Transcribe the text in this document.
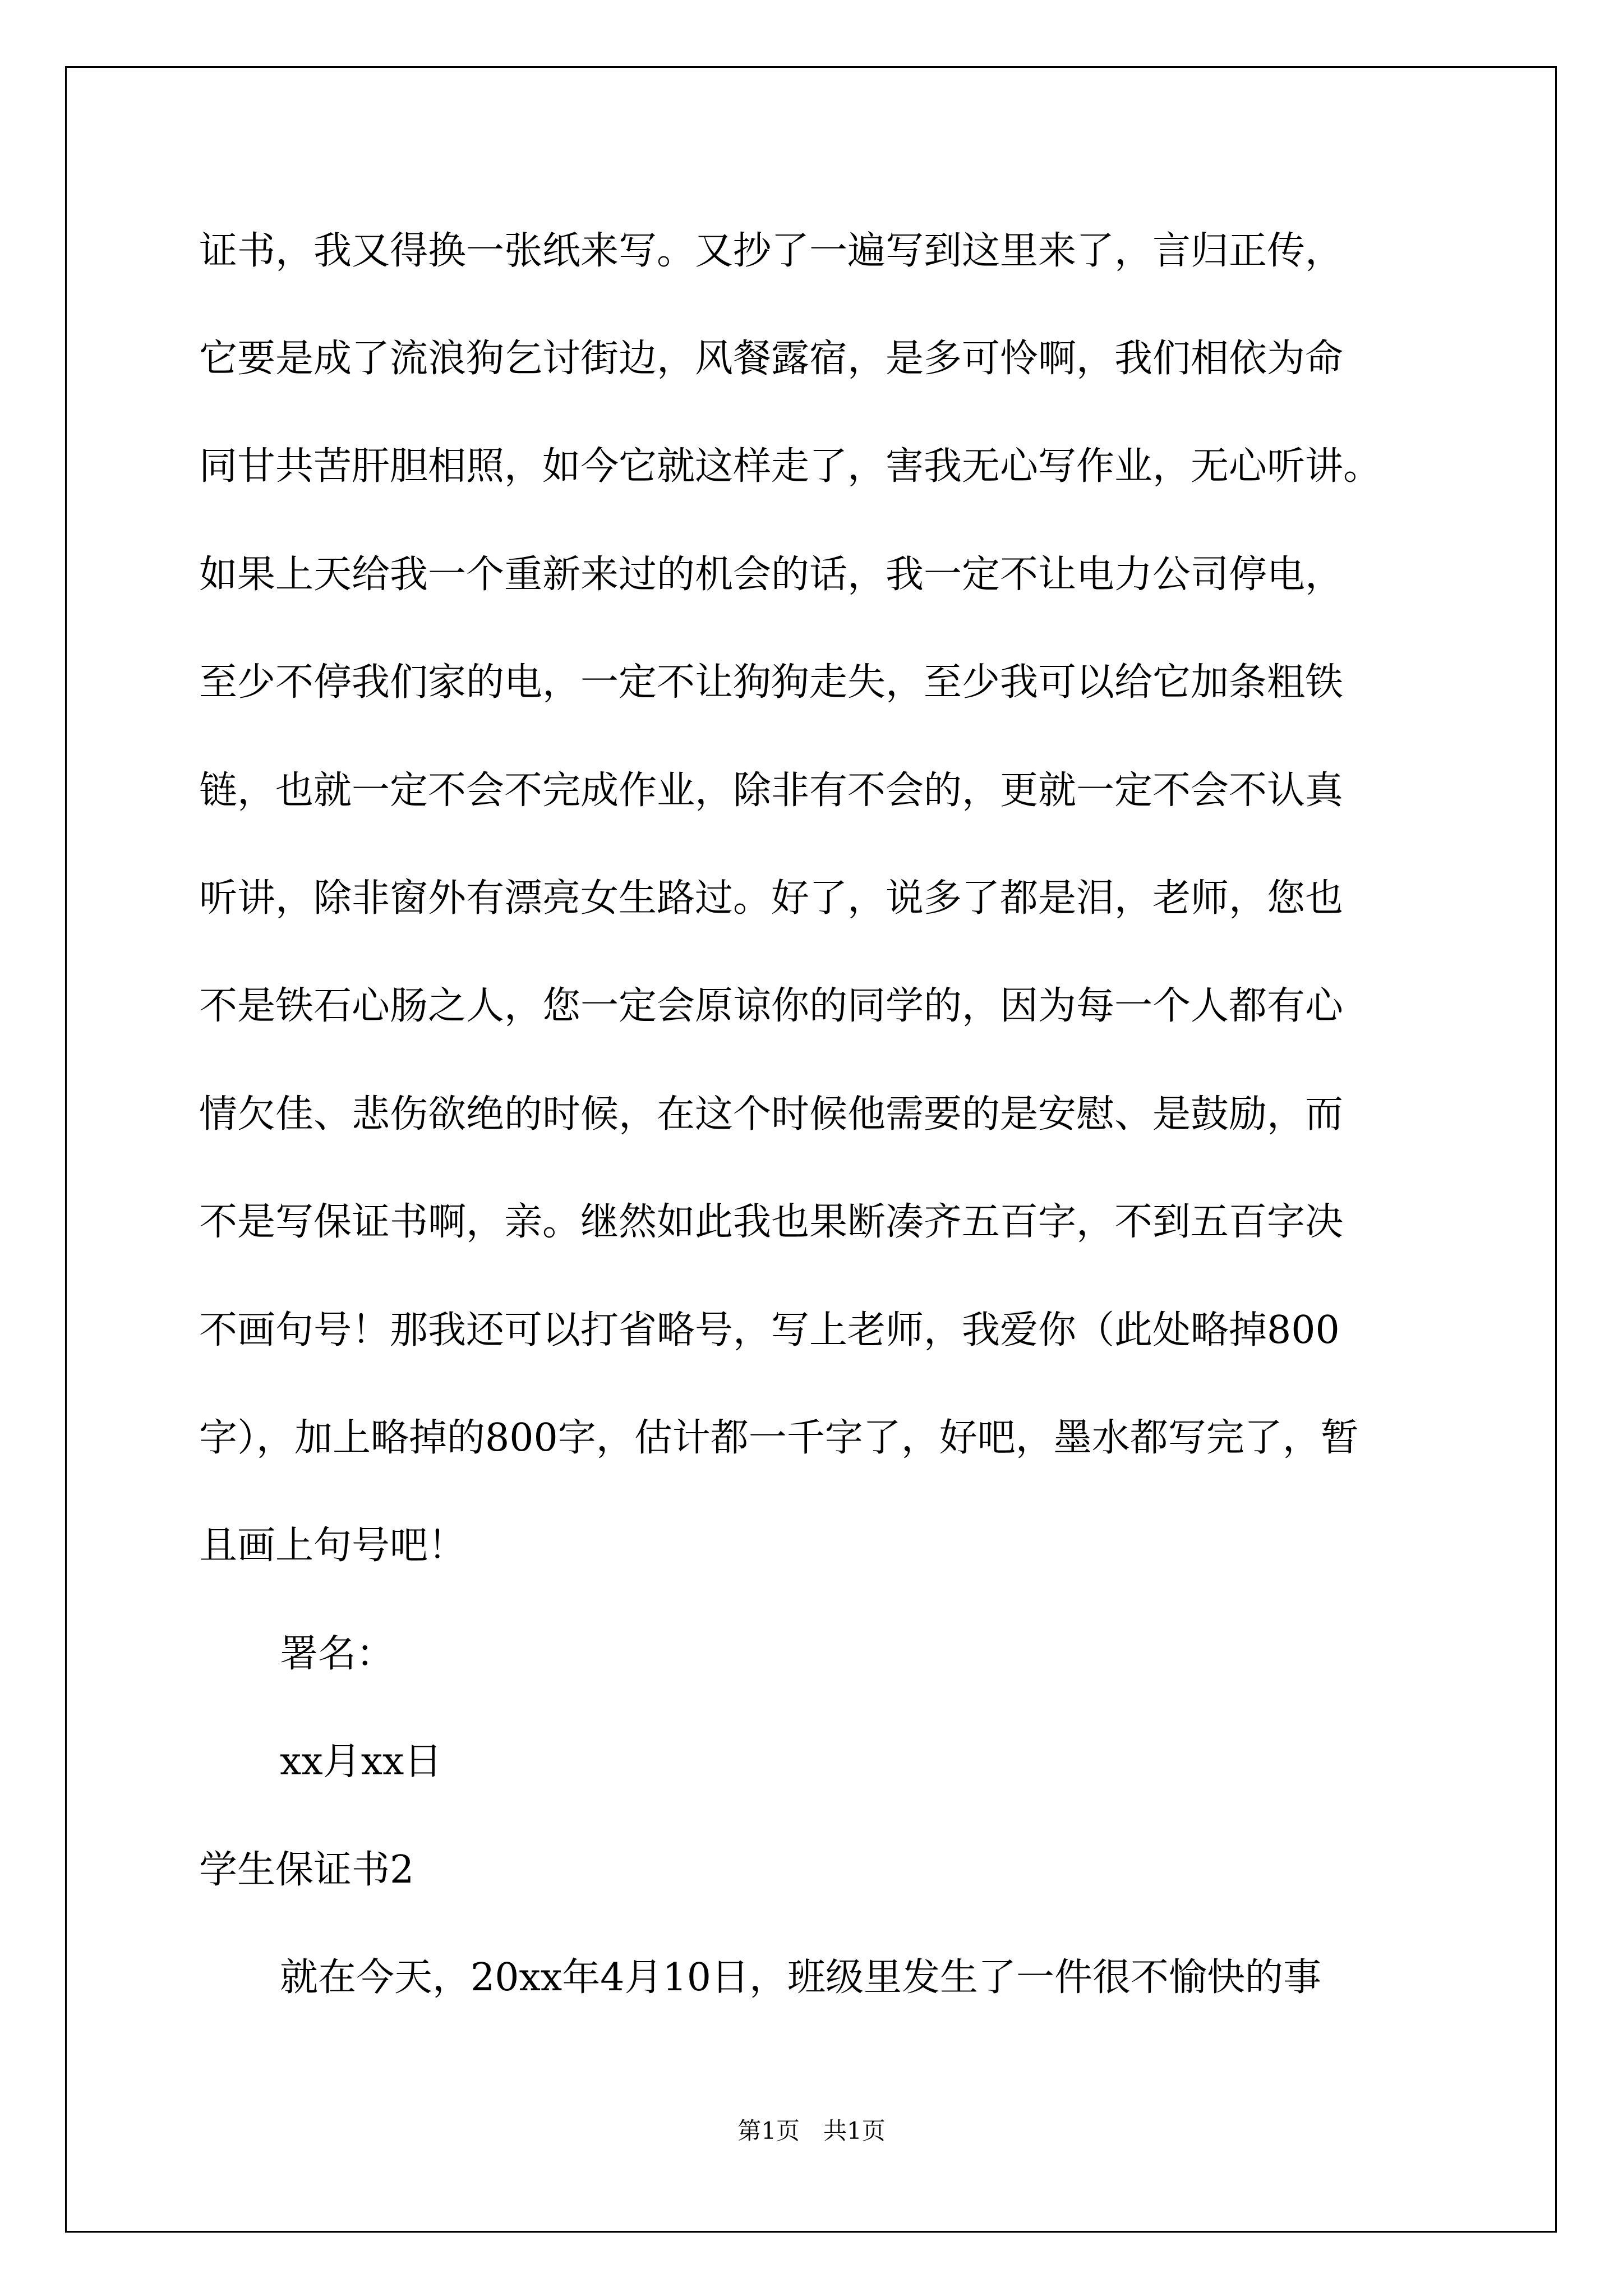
证书，我又得换一张纸来写。又抄了一遍写到这里来了，言归正传，
它要是成了流浪狗乞讨街边，风餐露宿，是多可怜啊，我们相依为命
同甘共苦肝胆相照，如今它就这样走了，害我无心写作业，无心听讲。
如果上天给我一个重新来过的机会的话，我一定不让电力公司停电，
至少不停我们家的电，一定不让狗狗走失，至少我可以给它加条粗铁
链，也就一定不会不完成作业，除非有不会的，更就一定不会不认真
听讲，除非窗外有漂亮女生路过。好了，说多了都是泪，老师，您也
不是铁石心肠之人，您一定会原谅你的同学的，因为每一个人都有心
情欠佳、悲伤欲绝的时候，在这个时候他需要的是安慰、是鼓励，而
不是写保证书啊，亲。继然如此我也果断凑齐五百字，不到五百字决
不画句号！那我还可以打省略号，写上老师，我爱你（此处略掉800
字），加上略掉的800字，估计都一千字了，好吧，墨水都写完了，暂
且画上句号吧！
署名：
xx月xx日
学生保证书2
就在今天，20xx年4月10日，班级里发生了一件很不愉快的事
第1页　共1页
